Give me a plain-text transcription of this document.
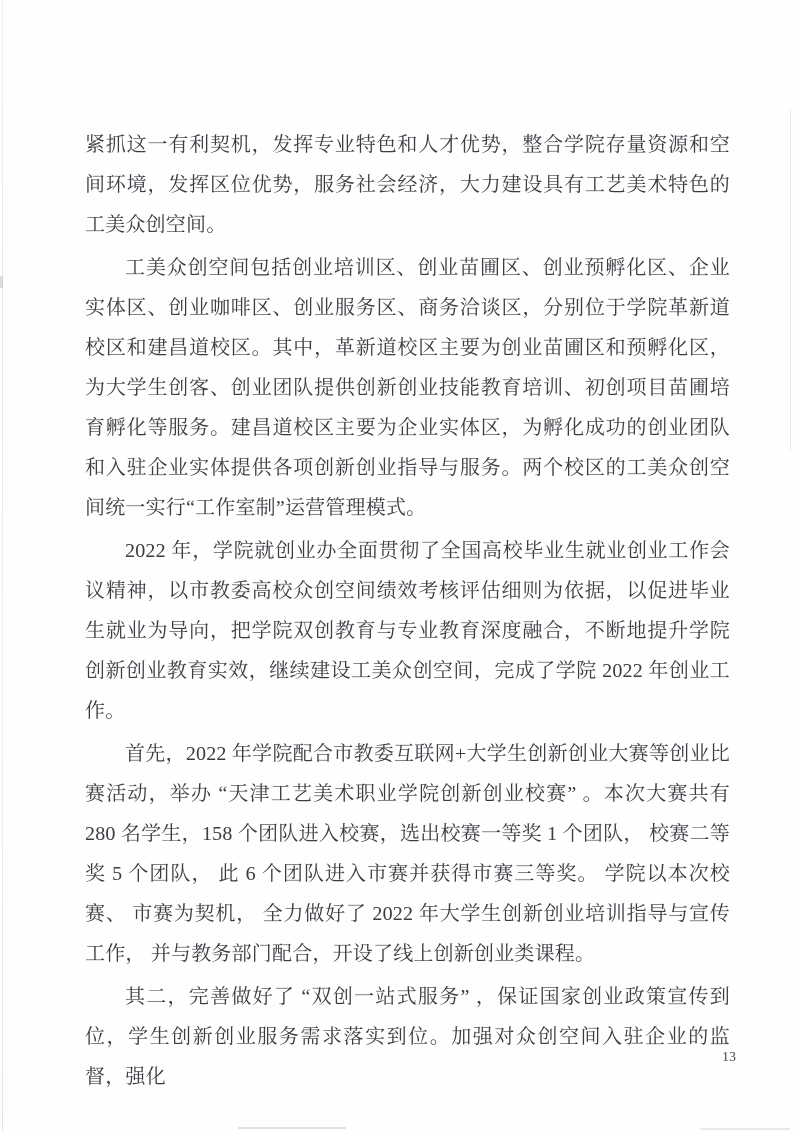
紧抓这一有利契机，发挥专业特色和人才优势，整合学院存量资源和空间环境，发挥区位优势，服务社会经济，大力建设具有工艺美术特色的工美众创空间。

工美众创空间包括创业培训区、创业苗圃区、创业预孵化区、企业实体区、创业咖啡区、创业服务区、商务洽谈区，分别位于学院革新道校区和建昌道校区。其中，革新道校区主要为创业苗圃区和预孵化区，为大学生创客、创业团队提供创新创业技能教育培训、初创项目苗圃培育孵化等服务。建昌道校区主要为企业实体区，为孵化成功的创业团队和入驻企业实体提供各项创新创业指导与服务。两个校区的工美众创空间统一实行“工作室制”运营管理模式。

2022 年，学院就创业办全面贯彻了全国高校毕业生就业创业工作会议精神，以市教委高校众创空间绩效考核评估细则为依据，以促进毕业生就业为导向，把学院双创教育与专业教育深度融合，不断地提升学院创新创业教育实效，继续建设工美众创空间，完成了学院 2022 年创业工作。

首先，2022 年学院配合市教委互联网+大学生创新创业大赛等创业比赛活动，举办 “天津工艺美术职业学院创新创业校赛” 。本次大赛共有 280 名学生，158 个团队进入校赛，选出校赛一等奖 1 个团队， 校赛二等奖 5 个团队， 此 6 个团队进入市赛并获得市赛三等奖。 学院以本次校赛、 市赛为契机， 全力做好了 2022 年大学生创新创业培训指导与宣传工作， 并与教务部门配合，开设了线上创新创业类课程。

其二，完善做好了 “双创一站式服务” ，保证国家创业政策宣传到位，学生创新创业服务需求落实到位。加强对众创空间入驻企业的监督，强化

13
